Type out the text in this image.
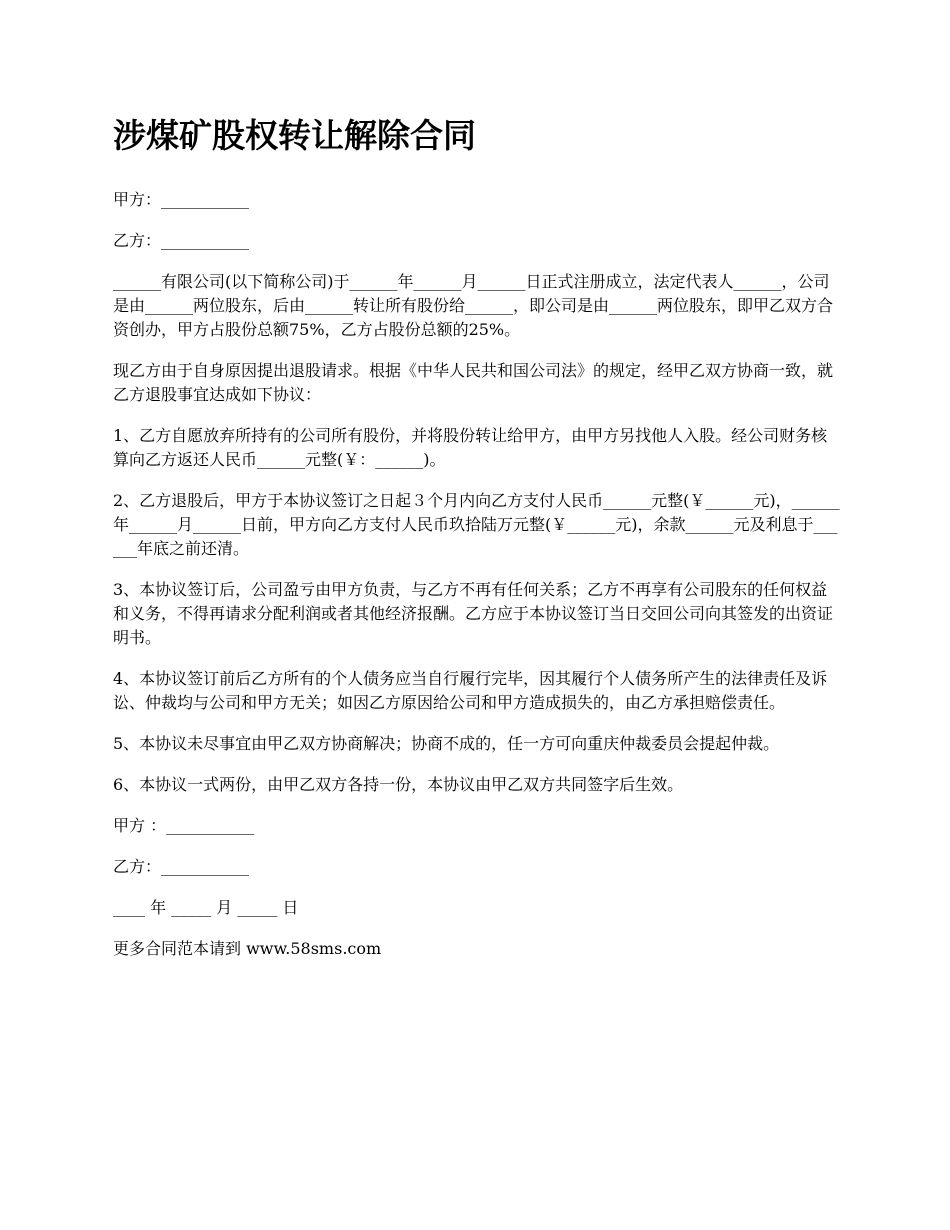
涉煤矿股权转让解除合同

甲方：___________

乙方：___________

______有限公司(以下简称公司)于______年______月______日正式注册成立，法定代表人______，公司是由______两位股东，后由______转让所有股份给______，即公司是由______两位股东，即甲乙双方合资创办，甲方占股份总额75%，乙方占股份总额的25%。

现乙方由于自身原因提出退股请求。根据《中华人民共和国公司法》的规定，经甲乙双方协商一致，就乙方退股事宜达成如下协议：

1、乙方自愿放弃所持有的公司所有股份，并将股份转让给甲方，由甲方另找他人入股。经公司财务核算向乙方返还人民币______元整(￥：______)。

2、乙方退股后，甲方于本协议签订之日起３个月内向乙方支付人民币______元整(￥______元)，______年______月______日前，甲方向乙方支付人民币玖拾陆万元整(￥______元)，余款______元及利息于______年底之前还清。

3、本协议签订后，公司盈亏由甲方负责，与乙方不再有任何关系；乙方不再享有公司股东的任何权益和义务，不得再请求分配利润或者其他经济报酬。乙方应于本协议签订当日交回公司向其签发的出资证明书。

4、本协议签订前后乙方所有的个人债务应当自行履行完毕，因其履行个人债务所产生的法律责任及诉讼、仲裁均与公司和甲方无关；如因乙方原因给公司和甲方造成损失的，由乙方承担赔偿责任。

5、本协议未尽事宜由甲乙双方协商解决；协商不成的，任一方可向重庆仲裁委员会提起仲裁。

6、本协议一式两份，由甲乙双方各持一份，本协议由甲乙双方共同签字后生效。

甲方 ：___________

乙方：___________

____ 年 _____ 月 _____ 日

更多合同范本请到 www.58sms.com
